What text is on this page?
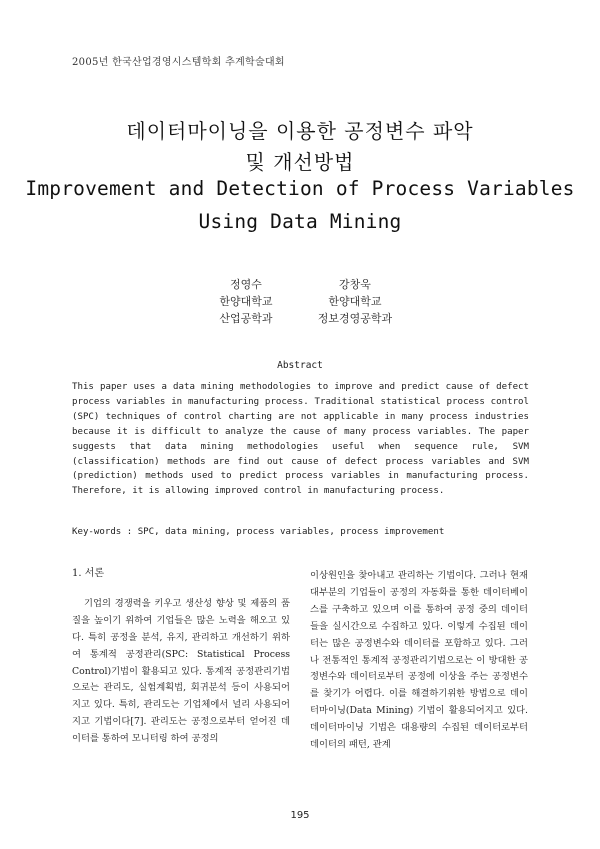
2005년 한국산업경영시스템학회 추계학술대회
데이터마이닝을 이용한 공정변수 파악
및 개선방법
Improvement and Detection of Process Variables
Using Data Mining
정영수
한양대학교
산업공학과
강창욱
한양대학교
정보경영공학과
Abstract

This paper uses a data mining methodologies to improve and predict cause of defect process variables in manufacturing process. Traditional statistical process control (SPC) techniques of control charting are not applicable in many process industries because it is difficult to analyze the cause of many process variables. The paper suggests that data mining methodologies useful when sequence rule, SVM (classification) methods are find out cause of defect process variables and SVM (prediction) methods used to predict process variables in manufacturing process. Therefore, it is allowing improved control in manufacturing process.

Key-words : SPC, data mining, process variables, process improvement
1. 서론

기업의 경쟁력을 키우고 생산성 향상 및 제품의 품질을 높이기 위하여 기업들은 많은 노력을 해오고 있다. 특히 공정을 분석, 유지, 관리하고 개선하기 위하여 통계적 공정관리(SPC: Statistical Process Control)기법이 활용되고 있다. 통계적 공정관리기법으로는 관리도, 실험계획법, 회귀분석 등이 사용되어지고 있다. 특히, 관리도는 기업체에서 널리 사용되어지고 기법이다[7]. 관리도는 공정으로부터 얻어진 데이터를 통하여 모니터링 하여 공정의

이상원인을 찾아내고 관리하는 기법이다. 그러나 현재 대부분의 기업들이 공정의 자동화를 통한 데이터베이스를 구축하고 있으며 이를 통하여 공정 중의 데이터들을 실시간으로 수집하고 있다. 이렇게 수집된 데이터는 많은 공정변수와 데이터를 포함하고 있다. 그러나 전통적인 통계적 공정관리기법으로는 이 방대한 공정변수와 데이터로부터 공정에 이상을 주는 공정변수를 찾기가 어렵다. 이를 해결하기위한 방법으로 데이터마이닝(Data Mining) 기법이 활용되어지고 있다. 데이터마이닝 기법은 대용량의 수집된 데이터로부터 데이터의 패턴, 관계

195
